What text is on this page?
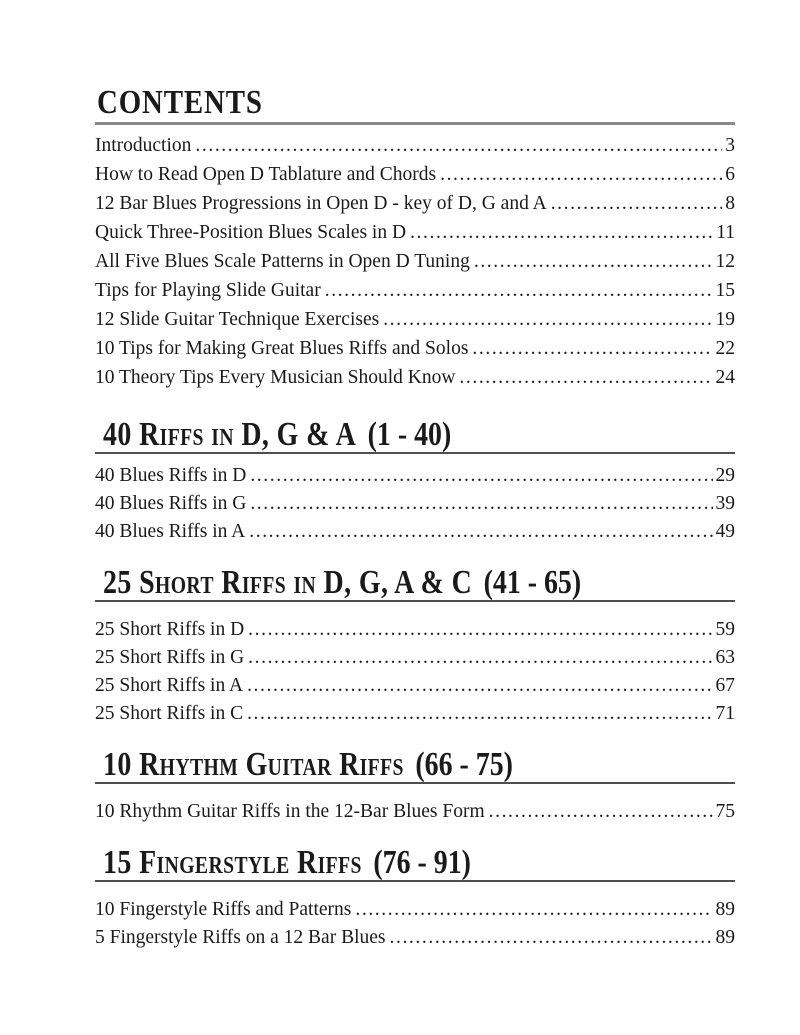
CONTENTS
Introduction .....	3
How to Read Open D Tablature and Chords .....	6
12 Bar Blues Progressions in Open D - key of D, G and A .....	8
Quick Three-Position Blues Scales in D .....	11
All Five Blues Scale Patterns in Open D Tuning .....	12
Tips for Playing Slide Guitar .....	15
12 Slide Guitar Technique Exercises .....	19
10 Tips for Making Great Blues Riffs and Solos .....	22
10 Theory Tips Every Musician Should Know .....	24
40 Riffs in D, G & A (1 - 40)
40 Blues Riffs in D .....	29
40 Blues Riffs in G .....	39
40 Blues Riffs in A .....	49
25 Short Riffs in D, G, A & C (41 - 65)
25 Short Riffs in D .....	59
25 Short Riffs in G .....	63
25 Short Riffs in A .....	67
25 Short Riffs in C .....	71
10 Rhythm Guitar Riffs (66 - 75)
10 Rhythm Guitar Riffs in the 12-Bar Blues Form .....	75
15 Fingerstyle Riffs (76 - 91)
10 Fingerstyle Riffs and Patterns .....	89
5 Fingerstyle Riffs on a 12 Bar Blues .....	89
